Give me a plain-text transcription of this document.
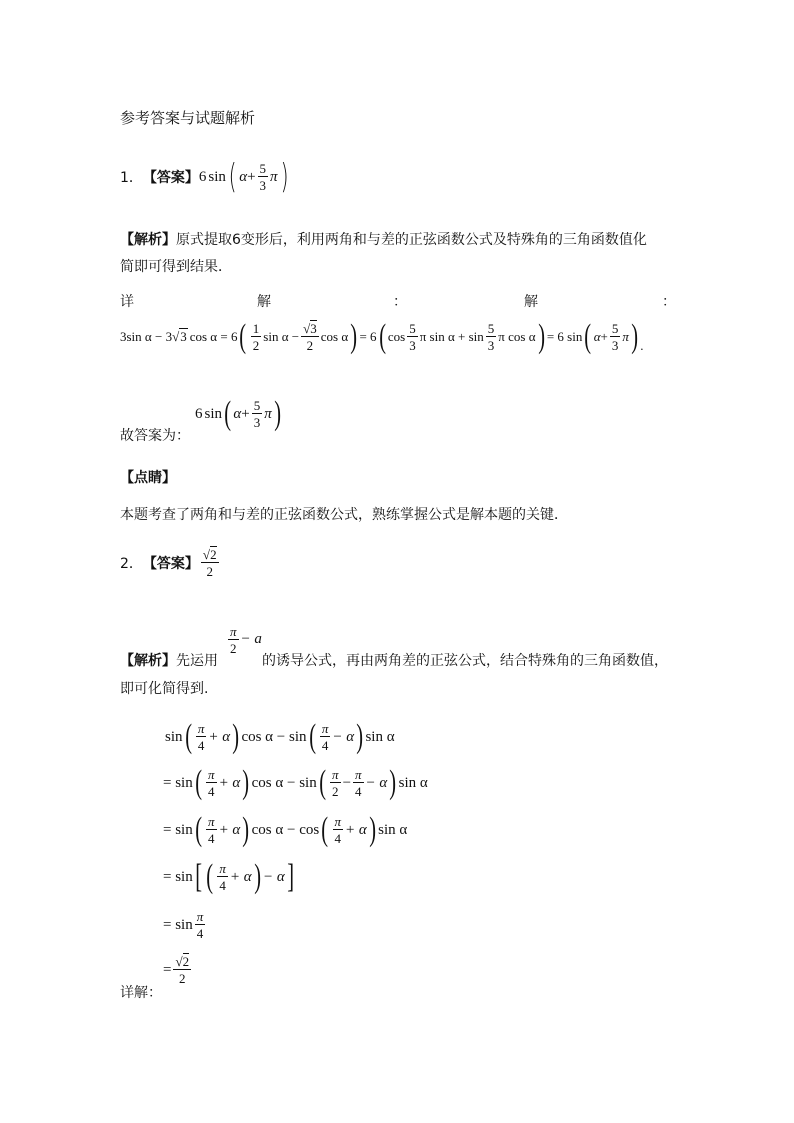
参考答案与试题解析
1． 【答案】 6 sin ( $\alpha + \frac{5}{3}$ π )
【解析】原式提取6变形后，利用两角和与差的正弦函数公式及特殊角的三角函数值化
简即可得到结果．
详	解	：	解	：
3sin α − 3 √3 cos α = 6 ( $\frac{1}{2}$ $\sin \alpha - \frac{√3}{2}$ cos α ) = 6 ( $\cos \frac{5}{3}$ π $\sin \alpha + \sin \frac{5}{3}$ π cos α ) = 6 sin ( $\alpha + \frac{5}{3}$ π ) .
故答案为：
6 sin ( $\alpha + \frac{5}{3}$ π )
【点睛】
本题考查了两角和与差的正弦函数公式，熟练掌握公式是解本题的关键．
2． 【答案】 $\frac{√2}{2}$
【解析】先运用
$\frac{\pi}{2} - a$
的诱导公式，再由两角差的正弦公式，结合特殊角的三角函数值，
即可化简得到.
sin ( $\frac{\pi}{4} + \alpha$ ) cos α − sin ( $\frac{\pi}{4} - \alpha$ ) sin α
= sin ( $\frac{\pi}{4} + \alpha$ ) cos α − sin ( $\frac{\pi}{2} - \frac{\pi}{4} - \alpha$ ) sin α
= sin ( $\frac{\pi}{4} + \alpha$ ) cos α − cos ( $\frac{\pi}{4} + \alpha$ ) sin α
= sin [ ( $\frac{\pi}{4} + \alpha$ ) − α ]
= $\sin \frac{\pi}{4}$
= $\frac{√2}{2}$
详解：
